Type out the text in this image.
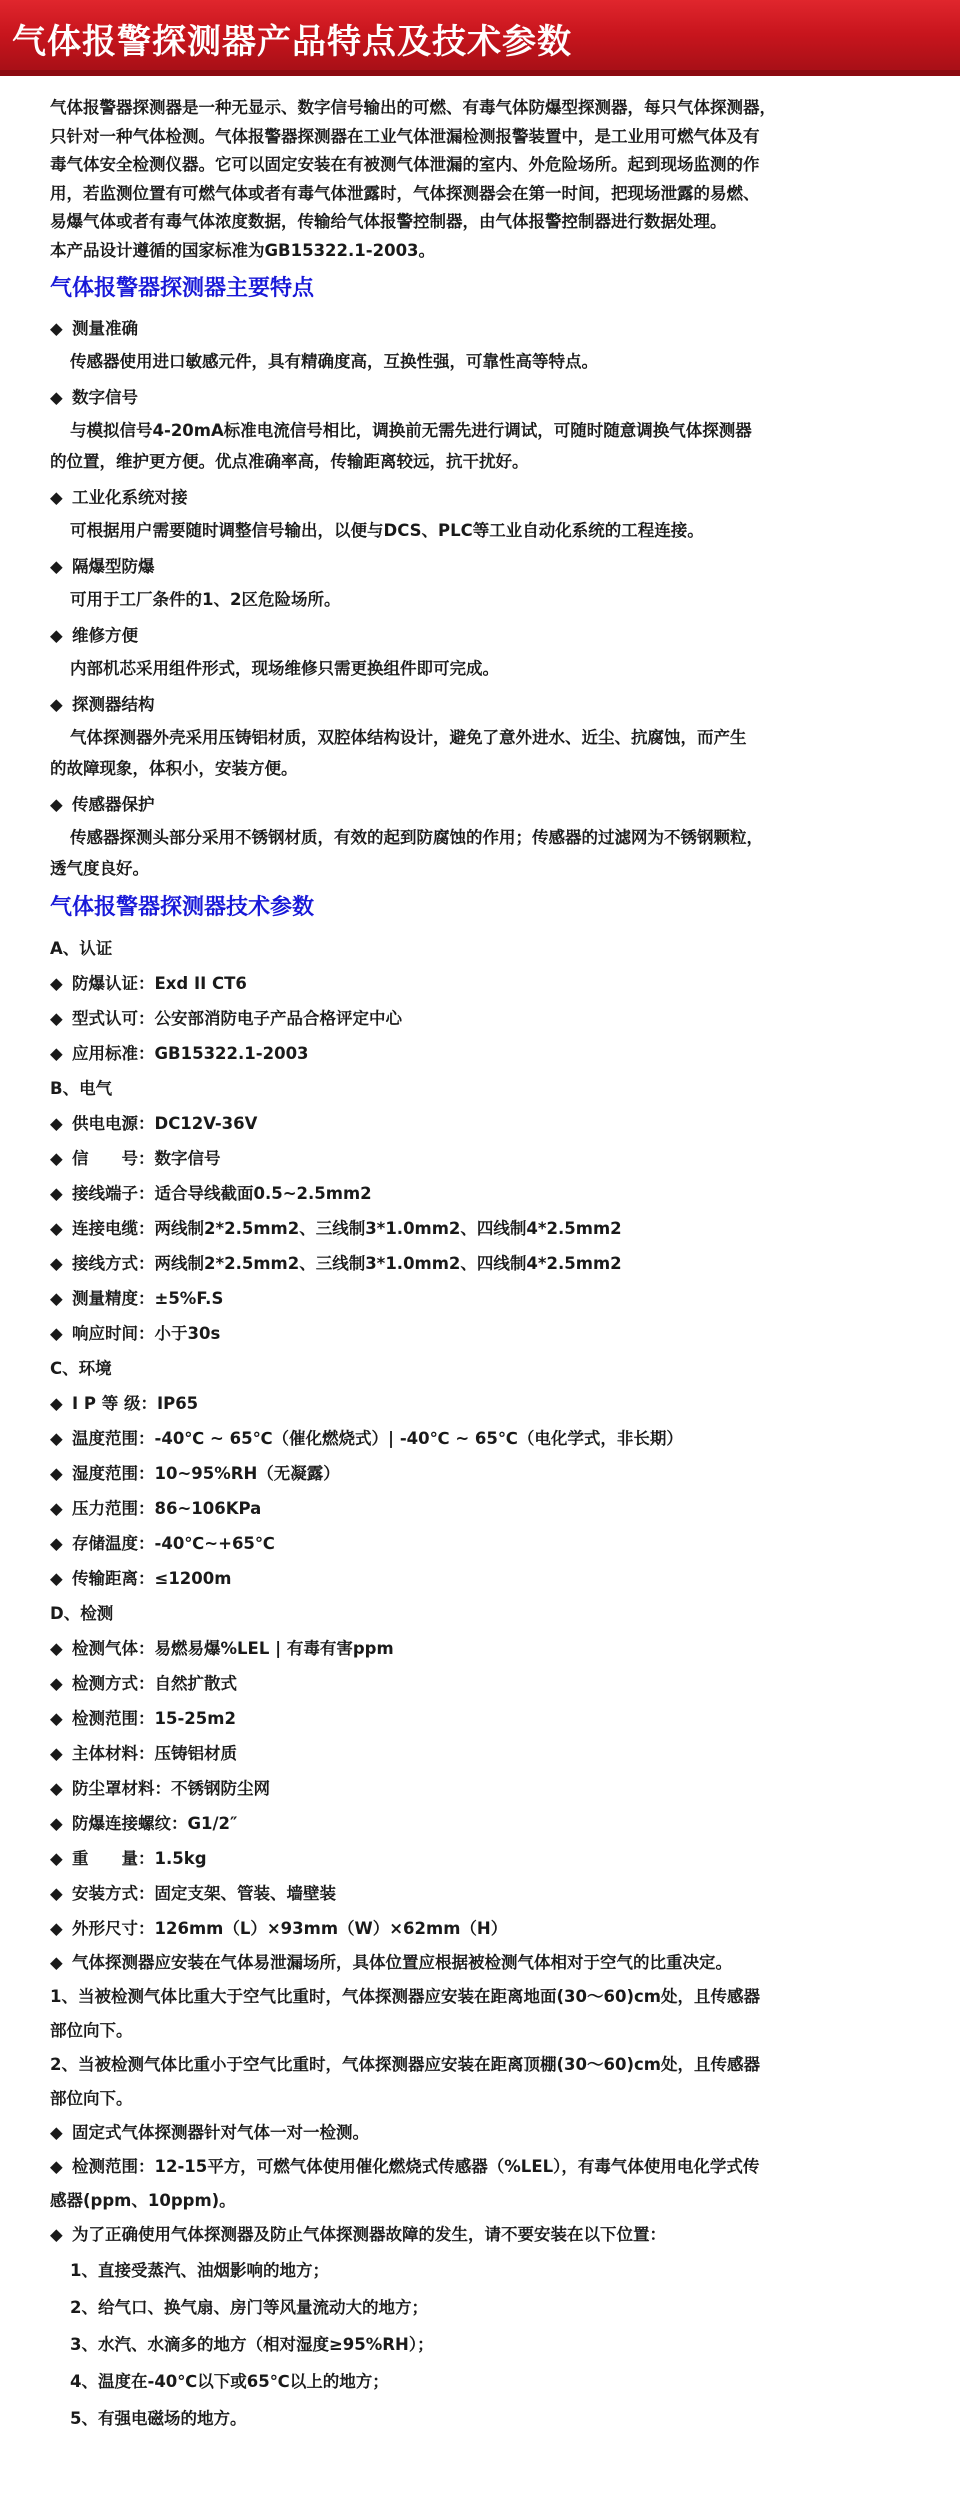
气体报警探测器产品特点及技术参数

气体报警器探测器是一种无显示、数字信号输出的可燃、有毒气体防爆型探测器，每只气体探测器，

只针对一种气体检测。气体报警器探测器在工业气体泄漏检测报警装置中，是工业用可燃气体及有

毒气体安全检测仪器。它可以固定安装在有被测气体泄漏的室内、外危险场所。起到现场监测的作

用，若监测位置有可燃气体或者有毒气体泄露时，气体探测器会在第一时间，把现场泄露的易燃、

易爆气体或者有毒气体浓度数据，传输给气体报警控制器，由气体报警控制器进行数据处理。

本产品设计遵循的国家标准为GB15322.1-2003。

气体报警器探测器主要特点
◆ 测量准确
传感器使用进口敏感元件，具有精确度高，互换性强，可靠性高等特点。
◆ 数字信号
与模拟信号4-20mA标准电流信号相比，调换前无需先进行调试，可随时随意调换气体探测器
的位置，维护更方便。优点准确率高，传输距离较远，抗干扰好。
◆ 工业化系统对接
可根据用户需要随时调整信号输出，以便与DCS、PLC等工业自动化系统的工程连接。
◆ 隔爆型防爆
可用于工厂条件的1、2区危险场所。
◆ 维修方便
内部机芯采用组件形式，现场维修只需更换组件即可完成。
◆ 探测器结构
气体探测器外壳采用压铸铝材质，双腔体结构设计，避免了意外进水、近尘、抗腐蚀，而产生
的故障现象，体积小，安装方便。
◆ 传感器保护
传感器探测头部分采用不锈钢材质，有效的起到防腐蚀的作用；传感器的过滤网为不锈钢颗粒，
透气度良好。
气体报警器探测器技术参数
A、认证
◆ 防爆认证：Exd II CT6
◆ 型式认可：公安部消防电子产品合格评定中心
◆ 应用标准：GB15322.1-2003
B、电气
◆ 供电电源：DC12V-36V
◆ 信　　号：数字信号
◆ 接线端子：适合导线截面0.5~2.5mm2
◆ 连接电缆：两线制2*2.5mm2、三线制3*1.0mm2、四线制4*2.5mm2
◆ 接线方式：两线制2*2.5mm2、三线制3*1.0mm2、四线制4*2.5mm2
◆ 测量精度：±5%F.S
◆ 响应时间：小于30s
C、环境
◆ I P 等 级：IP65
◆ 温度范围：-40℃ ~ 65℃（催化燃烧式）| -40℃ ~ 65℃（电化学式，非长期）
◆ 湿度范围：10~95%RH（无凝露）
◆ 压力范围：86~106KPa
◆ 存储温度：-40℃~+65℃
◆ 传输距离：≤1200m
D、检测
◆ 检测气体：易燃易爆%LEL | 有毒有害ppm
◆ 检测方式：自然扩散式
◆ 检测范围：15-25m2
◆ 主体材料：压铸铝材质
◆ 防尘罩材料：不锈钢防尘网
◆ 防爆连接螺纹：G1/2″
◆ 重　　量：1.5kg
◆ 安装方式：固定支架、管装、墙壁装
◆ 外形尺寸：126mm（L）×93mm（W）×62mm（H）
◆ 气体探测器应安装在气体易泄漏场所，具体位置应根据被检测气体相对于空气的比重决定。
1、当被检测气体比重大于空气比重时，气体探测器应安装在距离地面(30～60)cm处，且传感器
部位向下。
2、当被检测气体比重小于空气比重时，气体探测器应安装在距离顶棚(30～60)cm处，且传感器
部位向下。
◆ 固定式气体探测器针对气体一对一检测。
◆ 检测范围：12-15平方，可燃气体使用催化燃烧式传感器（%LEL），有毒气体使用电化学式传
感器(ppm、10ppm)。
◆ 为了正确使用气体探测器及防止气体探测器故障的发生，请不要安装在以下位置：
1、直接受蒸汽、油烟影响的地方；
2、给气口、换气扇、房门等风量流动大的地方；
3、水汽、水滴多的地方（相对湿度≥95%RH）；
4、温度在-40℃以下或65℃以上的地方；
5、有强电磁场的地方。
